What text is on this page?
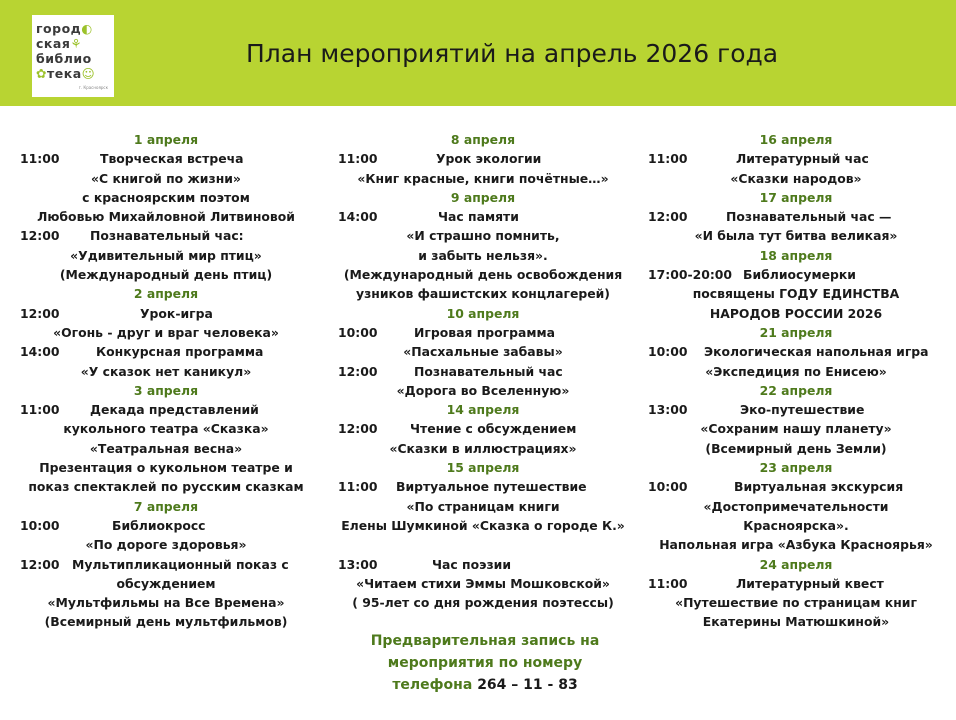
город◐
ская⚘
библио
✿тека☺
г. Красноярск
План мероприятий на апрель 2026 года
1 апреля
11:00	Творческая встреча
«С книгой по жизни»
с красноярским поэтом
Любовью Михайловной Литвиновой
12:00 Познавательный час:
«Удивительный мир птиц»
(Международный день птиц)
2 апреля
12:00	Урок-игра
«Огонь - друг и враг человека»
14:00	Конкурсная программа
«У сказок нет каникул»
3 апреля
11:00 Декада представлений
кукольного театра «Сказка»
«Театральная весна»
Презентация о кукольном театре и
показ спектаклей по русским сказкам
7 апреля
10:00	Библиокросс
«По дороге здоровья»
12:00 Мультипликационный показ с
обсуждением
«Мультфильмы на Все Времена»
(Всемирный день мультфильмов)
8 апреля
11:00	Урок экологии
«Книг красные, книги почётные…»
9 апреля
14:00	Час памяти
«И страшно помнить,
и забыть нельзя».
(Международный день освобождения
узников фашистских концлагерей)
10 апреля
10:00	Игровая программа
«Пасхальные забавы»
12:00	Познавательный час
«Дорога во Вселенную»
14 апреля
12:00	Чтение с обсуждением
«Сказки в иллюстрациях»
15 апреля
11:00 Виртуальное путешествие
«По страницам книги
Елены Шумкиной «Сказка о городе К.»
13:00	Час поэзии
«Читаем стихи Эммы Мошковской»
( 95-лет со дня рождения поэтессы)
16 апреля
11:00	Литературный час
«Сказки народов»
17 апреля
12:00	Познавательный час —
«И была тут битва великая»
18 апреля
17:00-20:00 Библиосумерки
посвящены ГОДУ ЕДИНСТВА
НАРОДОВ РОССИИ 2026
21 апреля
10:00 Экологическая напольная игра
«Экспедиция по Енисею»
22 апреля
13:00	Эко-путешествие
«Сохраним нашу планету»
(Всемирный день Земли)
23 апреля
10:00	Виртуальная экскурсия
«Достопримечательности
Красноярска».
Напольная игра «Азбука Красноярья»
24 апреля
11:00	Литературный квест
«Путешествие по страницам книг
Екатерины Матюшкиной»
Предварительная запись на
мероприятия по номеру
телефона 264 – 11 - 83
